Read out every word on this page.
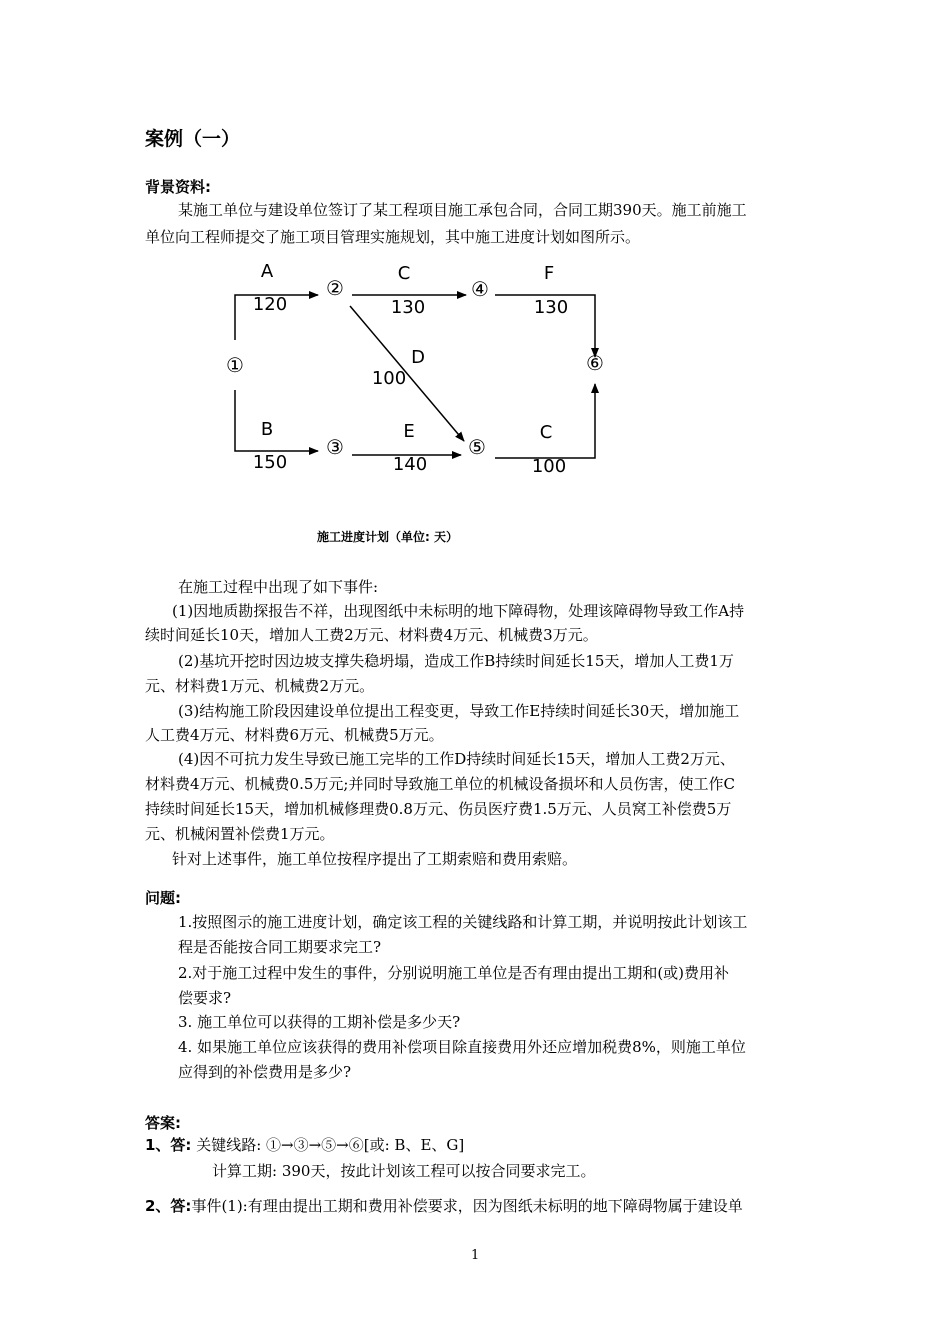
案例（一）
背景资料:
某施工单位与建设单位签订了某工程项目施工承包合同，合同工期390天。施工前施工
单位向工程师提交了施工项目管理实施规划，其中施工进度计划如图所示。
①
②
③
④
⑤
⑥
A
120
C
130
F
130
D
100
B
150
E
140
C
100
施工进度计划（单位: 天）
在施工过程中出现了如下事件:
(1)因地质勘探报告不祥，出现图纸中未标明的地下障碍物，处理该障碍物导致工作A持
续时间延长10天，增加人工费2万元、材料费4万元、机械费3万元。
(2)基坑开挖时因边坡支撑失稳坍塌，造成工作B持续时间延长15天，增加人工费1万
元、材料费1万元、机械费2万元。
(3)结构施工阶段因建设单位提出工程变更，导致工作E持续时间延长30天，增加施工
人工费4万元、材料费6万元、机械费5万元。
(4)因不可抗力发生导致已施工完毕的工作D持续时间延长15天，增加人工费2万元、
材料费4万元、机械费0.5万元;并同时导致施工单位的机械设备损坏和人员伤害，使工作C
持续时间延长15天，增加机械修理费0.8万元、伤员医疗费1.5万元、人员窝工补偿费5万
元、机械闲置补偿费1万元。
针对上述事件，施工单位按程序提出了工期索赔和费用索赔。
问题:
1.按照图示的施工进度计划，确定该工程的关键线路和计算工期，并说明按此计划该工
程是否能按合同工期要求完工?
2.对于施工过程中发生的事件，分别说明施工单位是否有理由提出工期和(或)费用补
偿要求?
3. 施工单位可以获得的工期补偿是多少天?
4. 如果施工单位应该获得的费用补偿项目除直接费用外还应增加税费8%，则施工单位
应得到的补偿费用是多少?
答案:
1、答: 关键线路: ①→③→⑤→⑥[或: B、E、G]
计算工期: 390天，按此计划该工程可以按合同要求完工。
2、答:事件(1):有理由提出工期和费用补偿要求，因为图纸未标明的地下障碍物属于建设单
1
